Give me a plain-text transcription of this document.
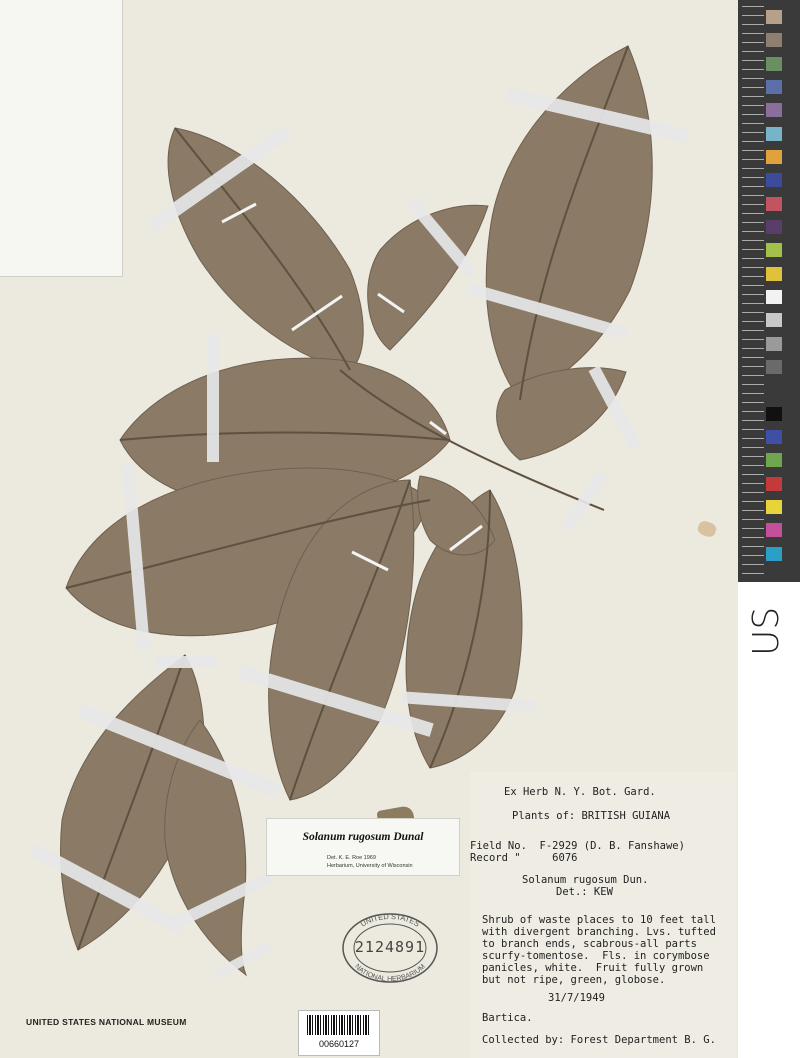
US
Solanum rugosum Dunal
Det. K. E. Roe 1969
Herbarium, University of Wisconsin
Ex Herb N. Y. Bot. Gard.
Plants of: BRITISH GUIANA
Field No.  F-2929 (D. B. Fanshawe)
Record "     6076
Solanum rugosum Dun.
Det.: KEW
Shrub of waste places to 10 feet tall
with divergent branching. Lvs. tufted
to branch ends, scabrous-all parts
scurfy-tomentose.  Fls. in corymbose
panicles, white.  Fruit fully grown
but not ripe, green, globose.
31/7/1949
Bartica.
Collected by: Forest Department B. G.
UNITED STATES
NATIONAL HERBARIUM
2124891
UNITED STATES NATIONAL MUSEUM
00660127
